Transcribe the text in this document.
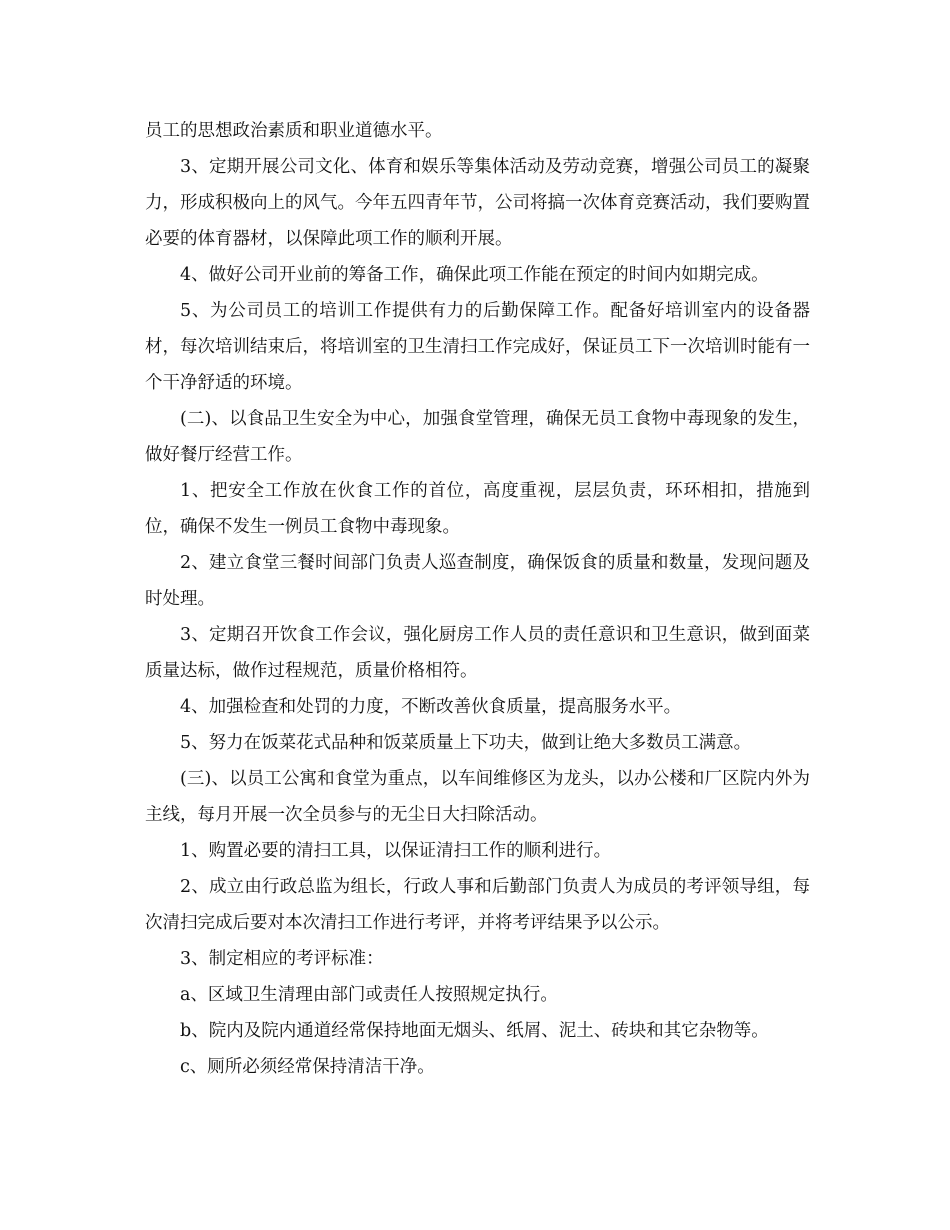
员工的思想政治素质和职业道德水平。

3、定期开展公司文化、体育和娱乐等集体活动及劳动竞赛，增强公司员工的凝聚力，形成积极向上的风气。今年五四青年节，公司将搞一次体育竞赛活动，我们要购置必要的体育器材，以保障此项工作的顺利开展。

4、做好公司开业前的筹备工作，确保此项工作能在预定的时间内如期完成。

5、为公司员工的培训工作提供有力的后勤保障工作。配备好培训室内的设备器材，每次培训结束后，将培训室的卫生清扫工作完成好，保证员工下一次培训时能有一个干净舒适的环境。

(二)、以食品卫生安全为中心，加强食堂管理，确保无员工食物中毒现象的发生，做好餐厅经营工作。

1、把安全工作放在伙食工作的首位，高度重视，层层负责，环环相扣，措施到位，确保不发生一例员工食物中毒现象。

2、建立食堂三餐时间部门负责人巡查制度，确保饭食的质量和数量，发现问题及时处理。

3、定期召开饮食工作会议，强化厨房工作人员的责任意识和卫生意识，做到面菜质量达标，做作过程规范，质量价格相符。

4、加强检查和处罚的力度，不断改善伙食质量，提高服务水平。

5、努力在饭菜花式品种和饭菜质量上下功夫，做到让绝大多数员工满意。

(三)、以员工公寓和食堂为重点，以车间维修区为龙头，以办公楼和厂区院内外为主线，每月开展一次全员参与的无尘日大扫除活动。

1、购置必要的清扫工具，以保证清扫工作的顺利进行。

2、成立由行政总监为组长，行政人事和后勤部门负责人为成员的考评领导组，每次清扫完成后要对本次清扫工作进行考评，并将考评结果予以公示。

3、制定相应的考评标准：

a、区域卫生清理由部门或责任人按照规定执行。

b、院内及院内通道经常保持地面无烟头、纸屑、泥土、砖块和其它杂物等。

c、厕所必须经常保持清洁干净。
